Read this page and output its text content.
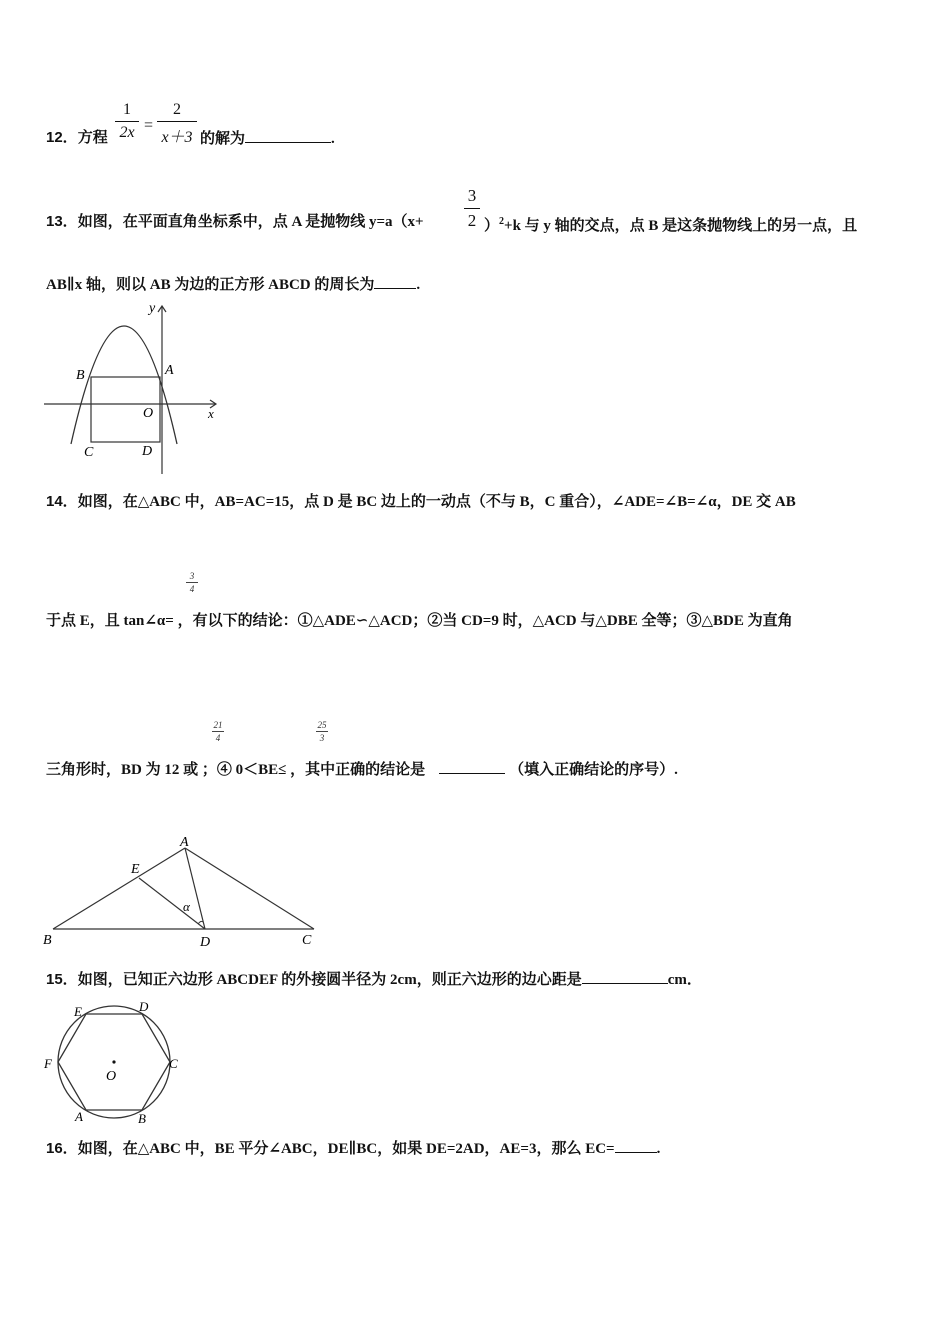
12．方程
1
2x =
2
x＋3 的解为	.
13．如图，在平面直角坐标系中，点 A 是抛物线 y=a（x+
3
2 ）$^2$+k 与 y 轴的交点，点 B 是这条抛物线上的另一点，且
AB∥x 轴，则以 AB 为边的正方形 ABCD 的周长为	.
y
x
A
B
C	D
O
14．如图，在△ABC 中，AB=AC=15，点 D 是 BC 边上的一动点（不与 B，C 重合），∠ADE=∠B=∠α，DE 交 AB
3
4
于点 E，且 tan∠α= ，有以下的结论：①△ADE∽△ACD；②当 CD=9 时，△ACD 与△DBE 全等；③△BDE 为直角
21
4
25
3
三角形时，BD 为 12 或 ；④ 0＜BE≤ ，其中正确的结论是	（填入正确结论的序号）.
A
B	C
D
E
α
15．如图，已知正六边形 ABCDEF 的外接圆半径为 2cm，则正六边形的边心距是	cm．
O
A	B
C
D
E
F
16．如图，在△ABC 中，BE 平分∠ABC，DE∥BC，如果 DE=2AD，AE=3，那么 EC=	.
